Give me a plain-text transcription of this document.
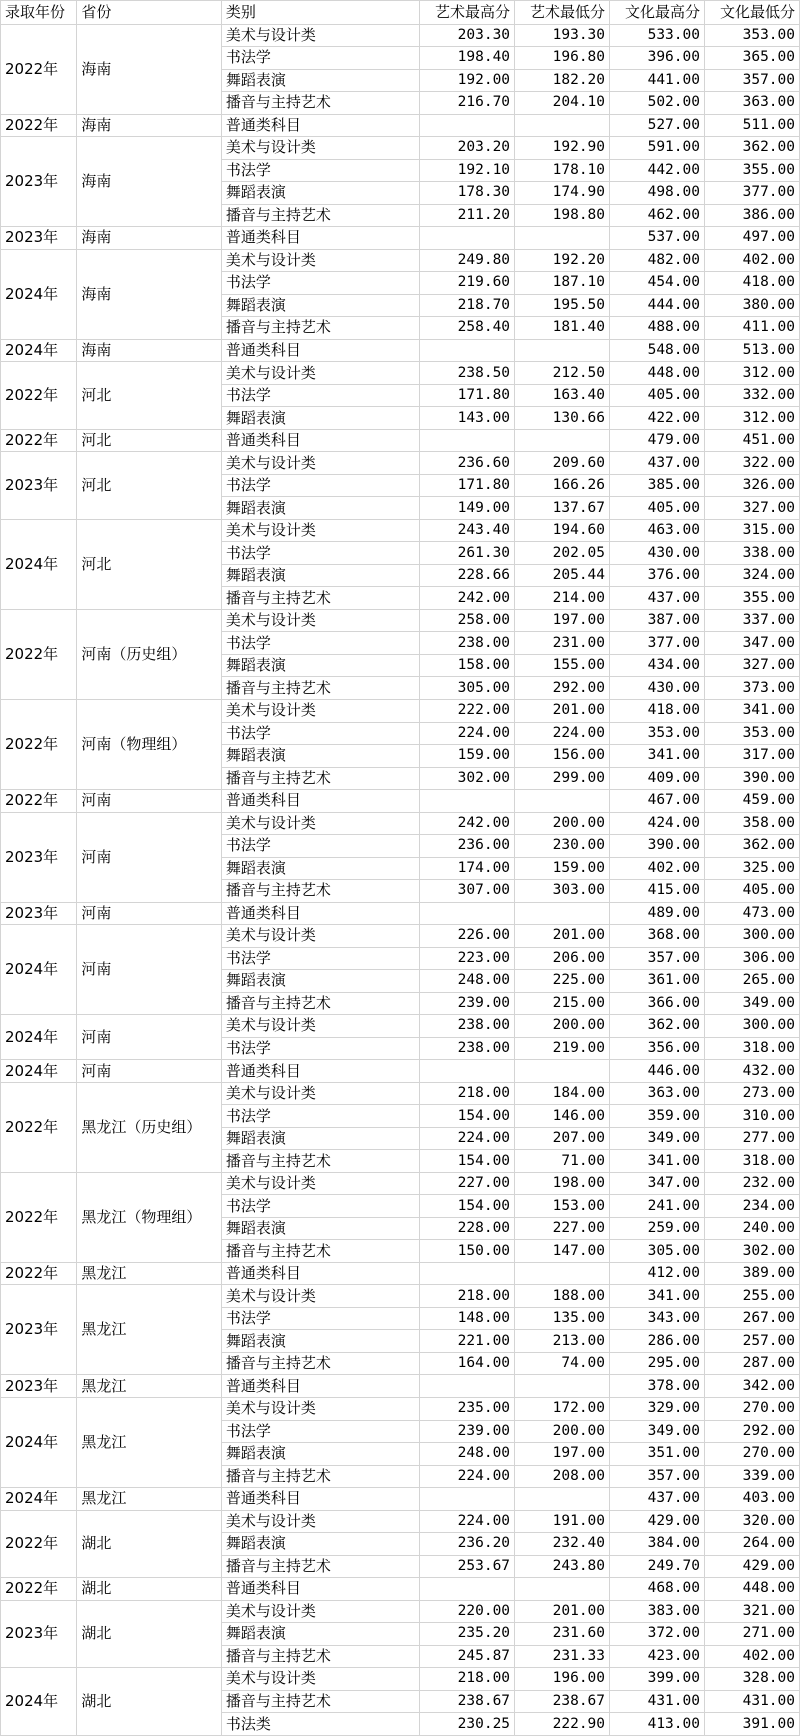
录取年份	省份	类别	艺术最高分	艺术最低分	文化最高分	文化最低分
2022年	海南	美术与设计类	203.30	193.30	533.00	353.00
		书法学	198.40	196.80	396.00	365.00
		舞蹈表演	192.00	182.20	441.00	357.00
		播音与主持艺术	216.70	204.10	502.00	363.00
2022年	海南	普通类科目			527.00	511.00
2023年	海南	美术与设计类	203.20	192.90	591.00	362.00
		书法学	192.10	178.10	442.00	355.00
		舞蹈表演	178.30	174.90	498.00	377.00
		播音与主持艺术	211.20	198.80	462.00	386.00
2023年	海南	普通类科目			537.00	497.00
2024年	海南	美术与设计类	249.80	192.20	482.00	402.00
		书法学	219.60	187.10	454.00	418.00
		舞蹈表演	218.70	195.50	444.00	380.00
		播音与主持艺术	258.40	181.40	488.00	411.00
2024年	海南	普通类科目			548.00	513.00
2022年	河北	美术与设计类	238.50	212.50	448.00	312.00
		书法学	171.80	163.40	405.00	332.00
		舞蹈表演	143.00	130.66	422.00	312.00
2022年	河北	普通类科目			479.00	451.00
2023年	河北	美术与设计类	236.60	209.60	437.00	322.00
		书法学	171.80	166.26	385.00	326.00
		舞蹈表演	149.00	137.67	405.00	327.00
2024年	河北	美术与设计类	243.40	194.60	463.00	315.00
		书法学	261.30	202.05	430.00	338.00
		舞蹈表演	228.66	205.44	376.00	324.00
		播音与主持艺术	242.00	214.00	437.00	355.00
2022年	河南（历史组）	美术与设计类	258.00	197.00	387.00	337.00
		书法学	238.00	231.00	377.00	347.00
		舞蹈表演	158.00	155.00	434.00	327.00
		播音与主持艺术	305.00	292.00	430.00	373.00
2022年	河南（物理组）	美术与设计类	222.00	201.00	418.00	341.00
		书法学	224.00	224.00	353.00	353.00
		舞蹈表演	159.00	156.00	341.00	317.00
		播音与主持艺术	302.00	299.00	409.00	390.00
2022年	河南	普通类科目			467.00	459.00
2023年	河南	美术与设计类	242.00	200.00	424.00	358.00
		书法学	236.00	230.00	390.00	362.00
		舞蹈表演	174.00	159.00	402.00	325.00
		播音与主持艺术	307.00	303.00	415.00	405.00
2023年	河南	普通类科目			489.00	473.00
2024年	河南	美术与设计类	226.00	201.00	368.00	300.00
		书法学	223.00	206.00	357.00	306.00
		舞蹈表演	248.00	225.00	361.00	265.00
		播音与主持艺术	239.00	215.00	366.00	349.00
2024年	河南	美术与设计类	238.00	200.00	362.00	300.00
		书法学	238.00	219.00	356.00	318.00
2024年	河南	普通类科目			446.00	432.00
2022年	黑龙江（历史组）	美术与设计类	218.00	184.00	363.00	273.00
		书法学	154.00	146.00	359.00	310.00
		舞蹈表演	224.00	207.00	349.00	277.00
		播音与主持艺术	154.00	71.00	341.00	318.00
2022年	黑龙江（物理组）	美术与设计类	227.00	198.00	347.00	232.00
		书法学	154.00	153.00	241.00	234.00
		舞蹈表演	228.00	227.00	259.00	240.00
		播音与主持艺术	150.00	147.00	305.00	302.00
2022年	黑龙江	普通类科目			412.00	389.00
2023年	黑龙江	美术与设计类	218.00	188.00	341.00	255.00
		书法学	148.00	135.00	343.00	267.00
		舞蹈表演	221.00	213.00	286.00	257.00
		播音与主持艺术	164.00	74.00	295.00	287.00
2023年	黑龙江	普通类科目			378.00	342.00
2024年	黑龙江	美术与设计类	235.00	172.00	329.00	270.00
		书法学	239.00	200.00	349.00	292.00
		舞蹈表演	248.00	197.00	351.00	270.00
		播音与主持艺术	224.00	208.00	357.00	339.00
2024年	黑龙江	普通类科目			437.00	403.00
2022年	湖北	美术与设计类	224.00	191.00	429.00	320.00
		舞蹈表演	236.20	232.40	384.00	264.00
		播音与主持艺术	253.67	243.80	249.70	429.00
2022年	湖北	普通类科目			468.00	448.00
2023年	湖北	美术与设计类	220.00	201.00	383.00	321.00
		舞蹈表演	235.20	231.60	372.00	271.00
		播音与主持艺术	245.87	231.33	423.00	402.00
2024年	湖北	美术与设计类	218.00	196.00	399.00	328.00
		播音与主持艺术	238.67	238.67	431.00	431.00
		书法类	230.25	222.90	413.00	391.00
